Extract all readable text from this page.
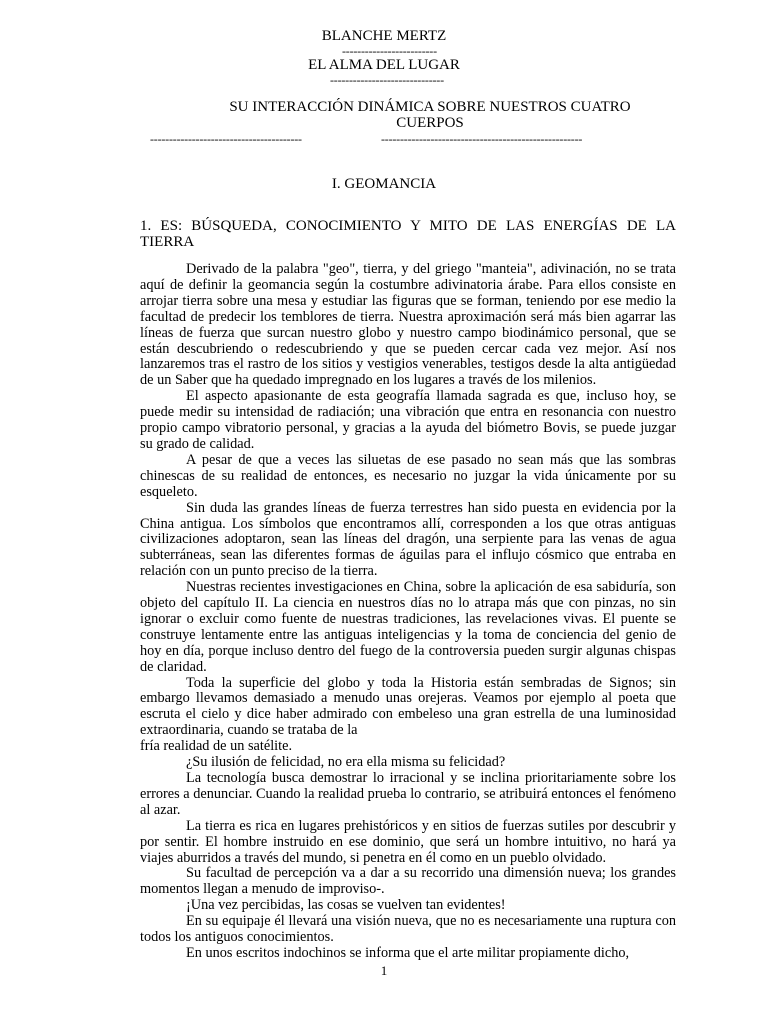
BLANCHE MERTZ
-------------------------
EL ALMA DEL LUGAR
------------------------------
SU INTERACCIÓN DINÁMICA SOBRE NUESTROS CUATRO CUERPOS
----------------------------------------	-----------------------------------------------------
I. GEOMANCIA
1. ES: BÚSQUEDA, CONOCIMIENTO Y MITO DE LAS ENERGÍAS DE LA TIERRA

Derivado de la palabra "geo", tierra, y del griego "manteia", adivinación, no se trata aquí de definir la geomancia según la costumbre adivinatoria árabe. Para ellos consiste en arrojar tierra sobre una mesa y estudiar las figuras que se forman, teniendo por ese medio la facultad de predecir los temblores de tierra. Nuestra aproximación será más bien agarrar las líneas de fuerza que surcan nuestro globo y nuestro campo biodinámico personal, que se están descubriendo o redescubriendo y que se pueden cercar cada vez mejor. Así nos lanzaremos tras el rastro de los sitios y vestigios venerables, testigos desde la alta antigüedad de un Saber que ha quedado impregnado en los lugares a través de los milenios.

El aspecto apasionante de esta geografía llamada sagrada es que, incluso hoy, se puede medir su intensidad de radiación; una vibración que entra en resonancia con nuestro propio campo vibratorio personal, y gracias a la ayuda del biómetro Bovis, se puede juzgar su grado de calidad.

A pesar de que a veces las siluetas de ese pasado no sean más que las sombras chinescas de su realidad de entonces, es necesario no juzgar la vida únicamente por su esqueleto.

Sin duda las grandes líneas de fuerza terrestres han sido puesta en evidencia por la China antigua. Los símbolos que encontramos allí, corresponden a los que otras antiguas civilizaciones adoptaron, sean las líneas del dragón, una serpiente para las venas de agua subterráneas, sean las diferentes formas de águilas para el influjo cósmico que entraba en relación con un punto preciso de la tierra.

Nuestras recientes investigaciones en China, sobre la aplicación de esa sabiduría, son objeto del capítulo II. La ciencia en nuestros días no lo atrapa más que con pinzas, no sin ignorar o excluir como fuente de nuestras tradiciones, las revelaciones vivas. El puente se construye lentamente entre las antiguas inteligencias y la toma de conciencia del genio de hoy en día, porque incluso dentro del fuego de la controversia pueden surgir algunas chispas de claridad.

Toda la superficie del globo y toda la Historia están sembradas de Signos; sin embargo llevamos demasiado a menudo unas orejeras. Veamos por ejemplo al poeta que escruta el cielo y dice haber admirado con embeleso una gran estrella de una luminosidad extraordinaria, cuando se trataba de la

fría realidad de un satélite.

¿Su ilusión de felicidad, no era ella misma su felicidad?

La tecnología busca demostrar lo irracional y se inclina prioritariamente sobre los errores a denunciar. Cuando la realidad prueba lo contrario, se atribuirá entonces el fenómeno al azar.

La tierra es rica en lugares prehistóricos y en sitios de fuerzas sutiles por descubrir y por sentir. El hombre instruido en ese dominio, que será un hombre intuitivo, no hará ya viajes aburridos a través del mundo, si penetra en él como en un pueblo olvidado.

Su facultad de percepción va a dar a su recorrido una dimensión nueva; los grandes momentos llegan a menudo de improviso-.

¡Una vez percibidas, las cosas se vuelven tan evidentes!

En su equipaje él llevará una visión nueva, que no es necesariamente una ruptura con todos los antiguos conocimientos.

En unos escritos indochinos se informa que el arte militar propiamente dicho,

1
